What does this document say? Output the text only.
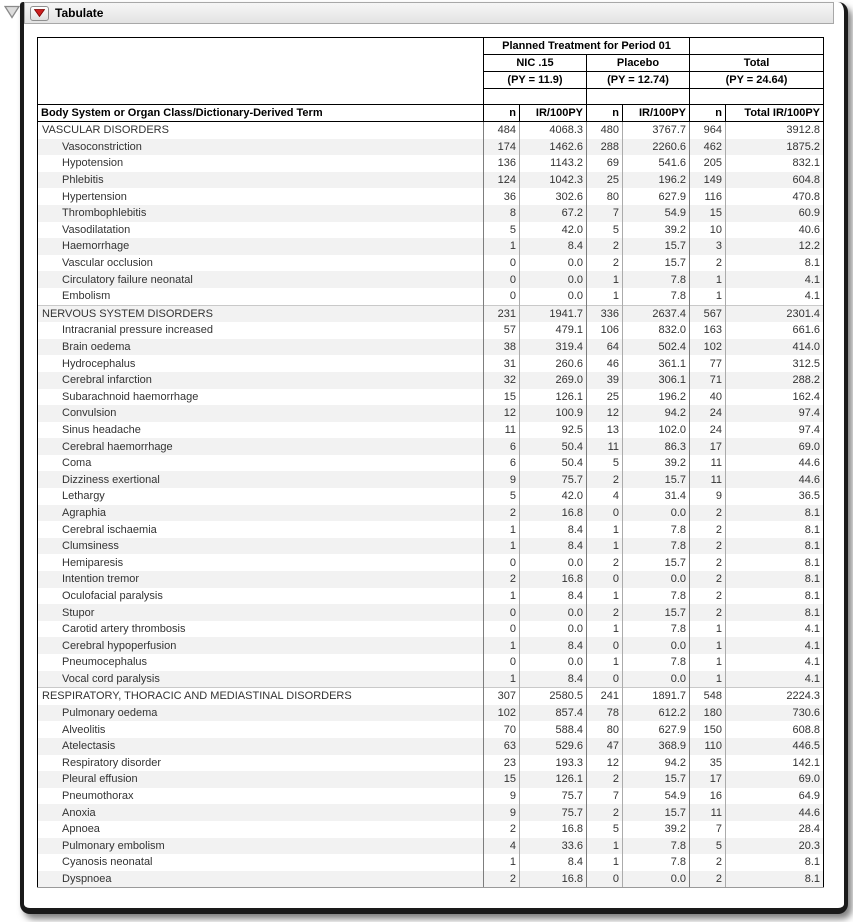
Tabulate
	Planned Treatment for Period 01					
	NIC .15		Placebo		Total	
	(PY = 11.9)		(PY = 12.74)		(PY = 24.64)	

Body System or Organ Class/Dictionary-Derived Term	n	IR/100PY	n	IR/100PY	n	Total IR/100PY
VASCULAR DISORDERS	484	4068.3	480	3767.7	964	3912.8
Vasoconstriction	174	1462.6	288	2260.6	462	1875.2
Hypotension	136	1143.2	69	541.6	205	832.1
Phlebitis	124	1042.3	25	196.2	149	604.8
Hypertension	36	302.6	80	627.9	116	470.8
Thrombophlebitis	8	67.2	7	54.9	15	60.9
Vasodilatation	5	42.0	5	39.2	10	40.6
Haemorrhage	1	8.4	2	15.7	3	12.2
Vascular occlusion	0	0.0	2	15.7	2	8.1
Circulatory failure neonatal	0	0.0	1	7.8	1	4.1
Embolism	0	0.0	1	7.8	1	4.1
NERVOUS SYSTEM DISORDERS	231	1941.7	336	2637.4	567	2301.4
Intracranial pressure increased	57	479.1	106	832.0	163	661.6
Brain oedema	38	319.4	64	502.4	102	414.0
Hydrocephalus	31	260.6	46	361.1	77	312.5
Cerebral infarction	32	269.0	39	306.1	71	288.2
Subarachnoid haemorrhage	15	126.1	25	196.2	40	162.4
Convulsion	12	100.9	12	94.2	24	97.4
Sinus headache	11	92.5	13	102.0	24	97.4
Cerebral haemorrhage	6	50.4	11	86.3	17	69.0
Coma	6	50.4	5	39.2	11	44.6
Dizziness exertional	9	75.7	2	15.7	11	44.6
Lethargy	5	42.0	4	31.4	9	36.5
Agraphia	2	16.8	0	0.0	2	8.1
Cerebral ischaemia	1	8.4	1	7.8	2	8.1
Clumsiness	1	8.4	1	7.8	2	8.1
Hemiparesis	0	0.0	2	15.7	2	8.1
Intention tremor	2	16.8	0	0.0	2	8.1
Oculofacial paralysis	1	8.4	1	7.8	2	8.1
Stupor	0	0.0	2	15.7	2	8.1
Carotid artery thrombosis	0	0.0	1	7.8	1	4.1
Cerebral hypoperfusion	1	8.4	0	0.0	1	4.1
Pneumocephalus	0	0.0	1	7.8	1	4.1
Vocal cord paralysis	1	8.4	0	0.0	1	4.1
RESPIRATORY, THORACIC AND MEDIASTINAL DISORDERS	307	2580.5	241	1891.7	548	2224.3
Pulmonary oedema	102	857.4	78	612.2	180	730.6
Alveolitis	70	588.4	80	627.9	150	608.8
Atelectasis	63	529.6	47	368.9	110	446.5
Respiratory disorder	23	193.3	12	94.2	35	142.1
Pleural effusion	15	126.1	2	15.7	17	69.0
Pneumothorax	9	75.7	7	54.9	16	64.9
Anoxia	9	75.7	2	15.7	11	44.6
Apnoea	2	16.8	5	39.2	7	28.4
Pulmonary embolism	4	33.6	1	7.8	5	20.3
Cyanosis neonatal	1	8.4	1	7.8	2	8.1
Dyspnoea	2	16.8	0	0.0	2	8.1
